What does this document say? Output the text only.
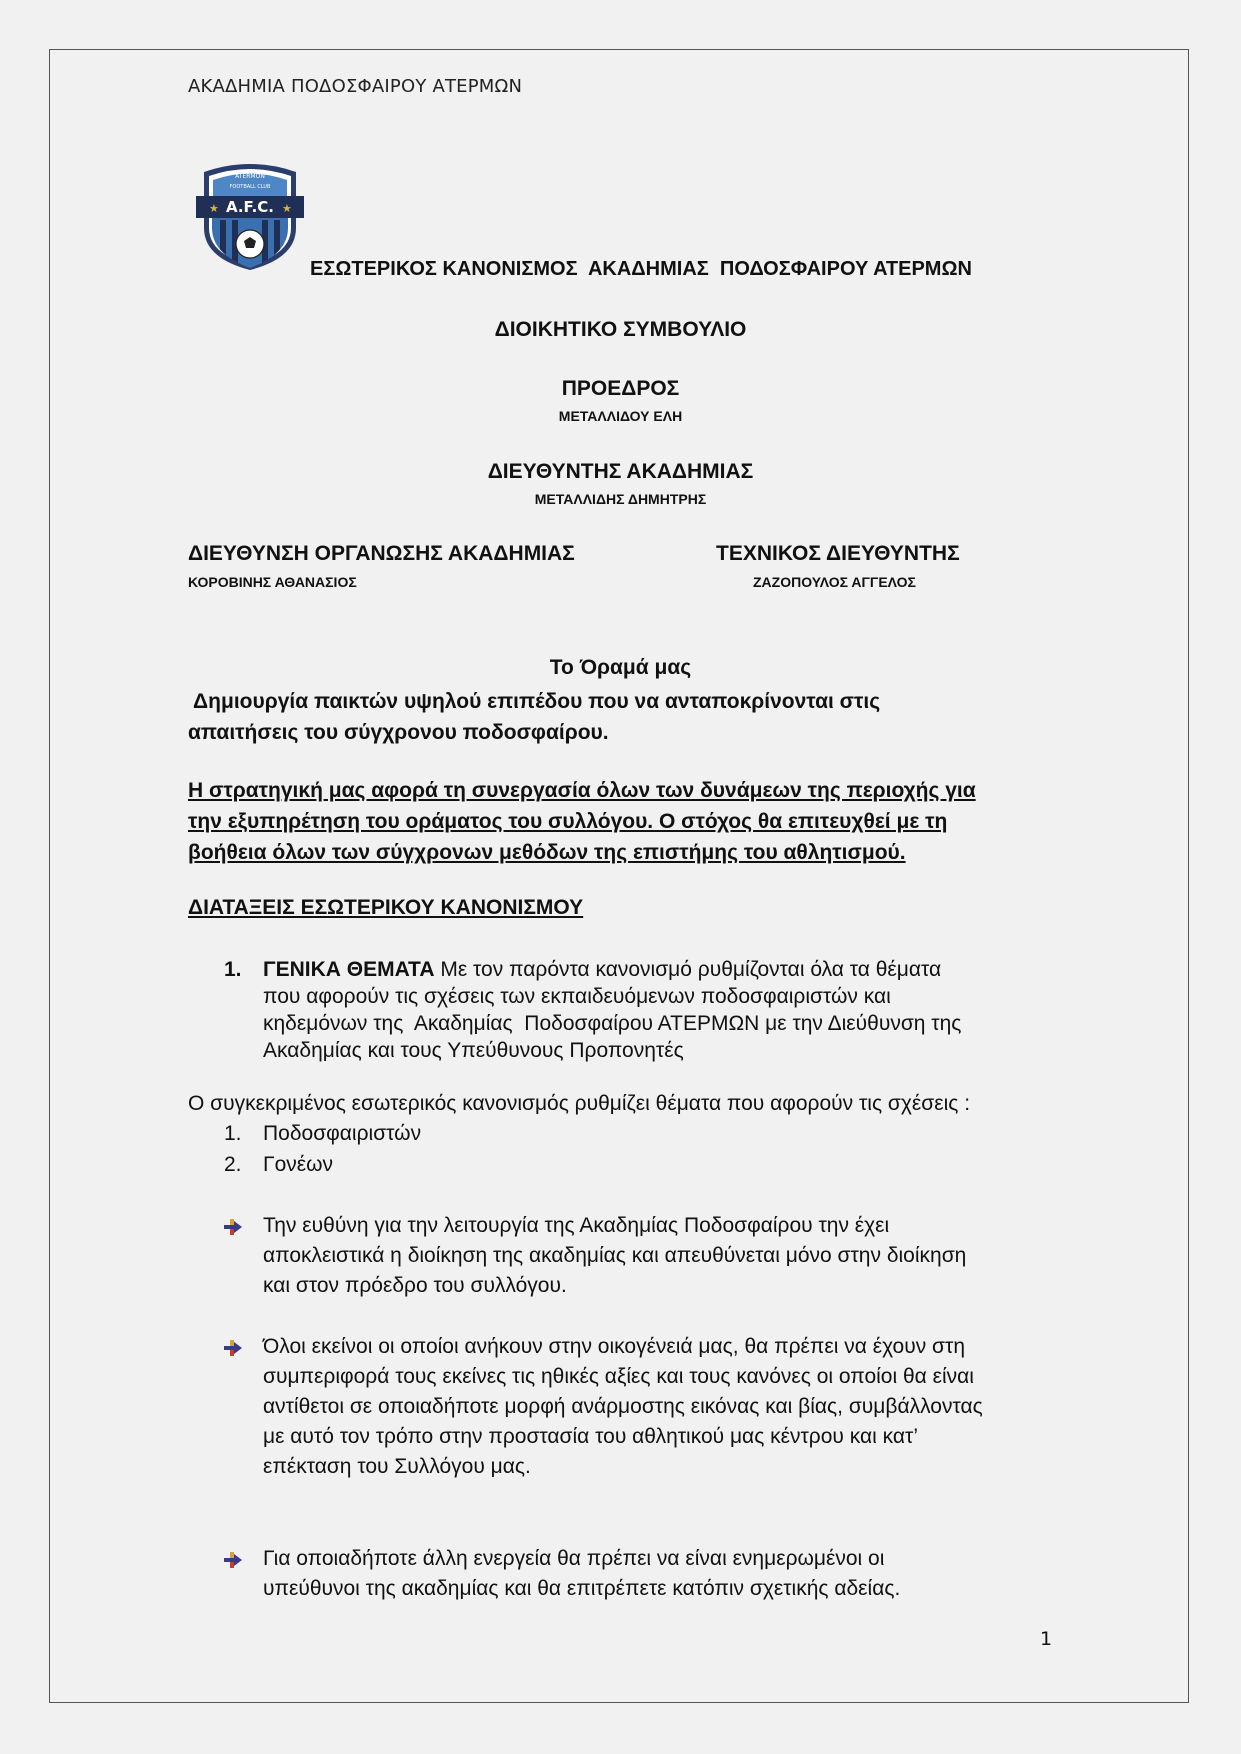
ΑΚΑΔΗΜΙΑ ΠΟΔΟΣΦΑΙΡΟΥ ΑΤΕΡΜΩΝ
A.F.C.
★	★
ATERMON
FOOTBALL CLUB
ΕΣΩΤΕΡΙΚΟΣ ΚΑΝΟΝΙΣΜΟΣ  ΑΚΑΔΗΜΙΑΣ  ΠΟΔΟΣΦΑΙΡΟΥ ΑΤΕΡΜΩΝ
ΔΙΟΙΚΗΤΙΚΟ ΣΥΜΒΟΥΛΙΟ
ΠΡΟΕΔΡΟΣ
ΜΕΤΑΛΛΙΔΟΥ ΕΛΗ
ΔΙΕΥΘΥΝΤΗΣ ΑΚΑΔΗΜΙΑΣ
ΜΕΤΑΛΛΙΔΗΣ ΔΗΜΗΤΡΗΣ
ΔΙΕΥΘΥΝΣΗ ΟΡΓΑΝΩΣΗΣ ΑΚΑΔΗΜΙΑΣ
ΚΟΡΟΒΙΝΗΣ ΑΘΑΝΑΣΙΟΣ
ΤΕΧΝΙΚΟΣ ΔΙΕΥΘΥΝΤΗΣ
ΖΑΖΟΠΟΥΛΟΣ ΑΓΓΕΛΟΣ
Το Όραμά μας
Δημιουργία παικτών υψηλού επιπέδου που να ανταποκρίνονται στις
απαιτήσεις του σύγχρονου ποδοσφαίρου.
Η στρατηγική μας αφορά τη συνεργασία όλων των δυνάμεων της περιοχής για
την εξυπηρέτηση του οράματος του συλλόγου. Ο στόχος θα επιτευχθεί με τη
βοήθεια όλων των σύγχρονων μεθόδων της επιστήμης του αθλητισμού.
ΔΙΑΤΑΞΕΙΣ ΕΣΩΤΕΡΙΚΟΥ ΚΑΝΟΝΙΣΜΟΥ
1. ΓΕΝΙΚΑ ΘΕΜΑΤΑ Με τον παρόντα κανονισμό ρυθμίζονται όλα τα θέματα
που αφορούν τις σχέσεις των εκπαιδευόμενων ποδοσφαιριστών και
κηδεμόνων της  Ακαδημίας  Ποδοσφαίρου ΑΤΕΡΜΩΝ με την Διεύθυνση της
Ακαδημίας και τους Υπεύθυνους Προπονητές
Ο συγκεκριμένος εσωτερικός κανονισμός ρυθμίζει θέματα που αφορούν τις σχέσεις :
1. Ποδοσφαιριστών
2. Γονέων
Την ευθύνη για την λειτουργία της Ακαδημίας Ποδοσφαίρου την έχει
αποκλειστικά η διοίκηση της ακαδημίας και απευθύνεται μόνο στην διοίκηση
και στον πρόεδρο του συλλόγου.
Όλοι εκείνοι οι οποίοι ανήκουν στην οικογένειά μας, θα πρέπει να έχουν στη
συμπεριφορά τους εκείνες τις ηθικές αξίες και τους κανόνες οι οποίοι θα είναι
αντίθετοι σε οποιαδήποτε μορφή ανάρμοστης εικόνας και βίας, συμβάλλοντας
με αυτό τον τρόπο στην προστασία του αθλητικού μας κέντρου και κατ’
επέκταση του Συλλόγου μας.
Για οποιαδήποτε άλλη ενεργεία θα πρέπει να είναι ενημερωμένοι οι
υπεύθυνοι της ακαδημίας και θα επιτρέπετε κατόπιν σχετικής αδείας.
1
